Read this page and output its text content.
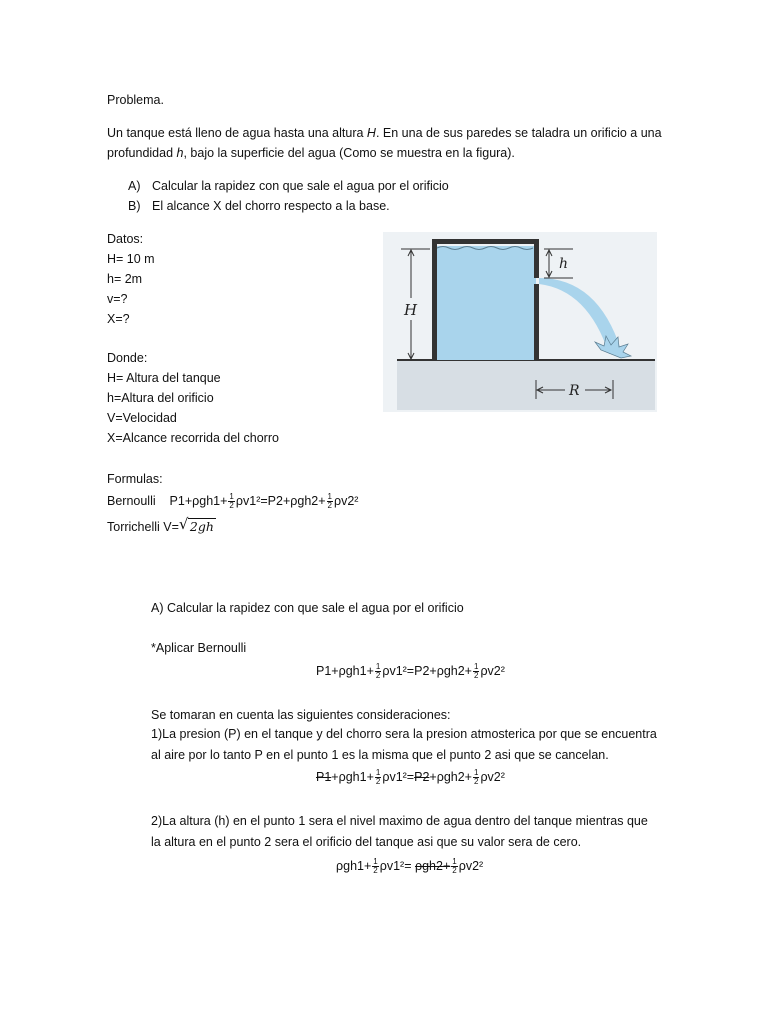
Problema.
Un tanque está lleno de agua hasta una altura H. En una de sus paredes se taladra un orificio a una
profundidad h, bajo la superficie del agua (Como se muestra en la figura).
A) Calcular la rapidez con que sale el agua por el orificio
B) El alcance X del chorro respecto a la base.
Datos:
H= 10 m
h= 2m
v=?
X=?
Donde:
H= Altura del tanque
h=Altura del orificio
V=Velocidad
X=Alcance recorrida del chorro
h
H
R
Formulas:
Bernoulli $P1+\rho gh1+ \frac{1}{2} \rho v1^2=P2+\rho gh2+ \frac{1}{2} \rho v2^2$
Torrichelli V= √ 2gh
A) Calcular la rapidez con que sale el agua por el orificio
*Aplicar Bernoulli
$P1+\rho gh1+ \frac{1}{2} \rho v1^2=P2+\rho gh2+ \frac{1}{2} \rho v2^2$
Se tomaran en cuenta las siguientes consideraciones:
1)La presion (P) en el tanque y del chorro sera la presion atmosterica por que se encuentra
al aire por lo tanto P en el punto 1 es la misma que el punto 2 asi que se cancelan.
$P1+\rho gh1+ \frac{1}{2} \rho v1^2=P2+\rho gh2+ \frac{1}{2} \rho v2^2$
2)La altura (h) en el punto 1 sera el nivel maximo de agua dentro del tanque mientras que
la altura en el punto 2 sera el orificio del tanque asi que su valor sera de cero.
$\rho gh1+ \frac{1}{2} \rho v1^2= \rho gh2+ \frac{1}{2} \rho v2^2$
